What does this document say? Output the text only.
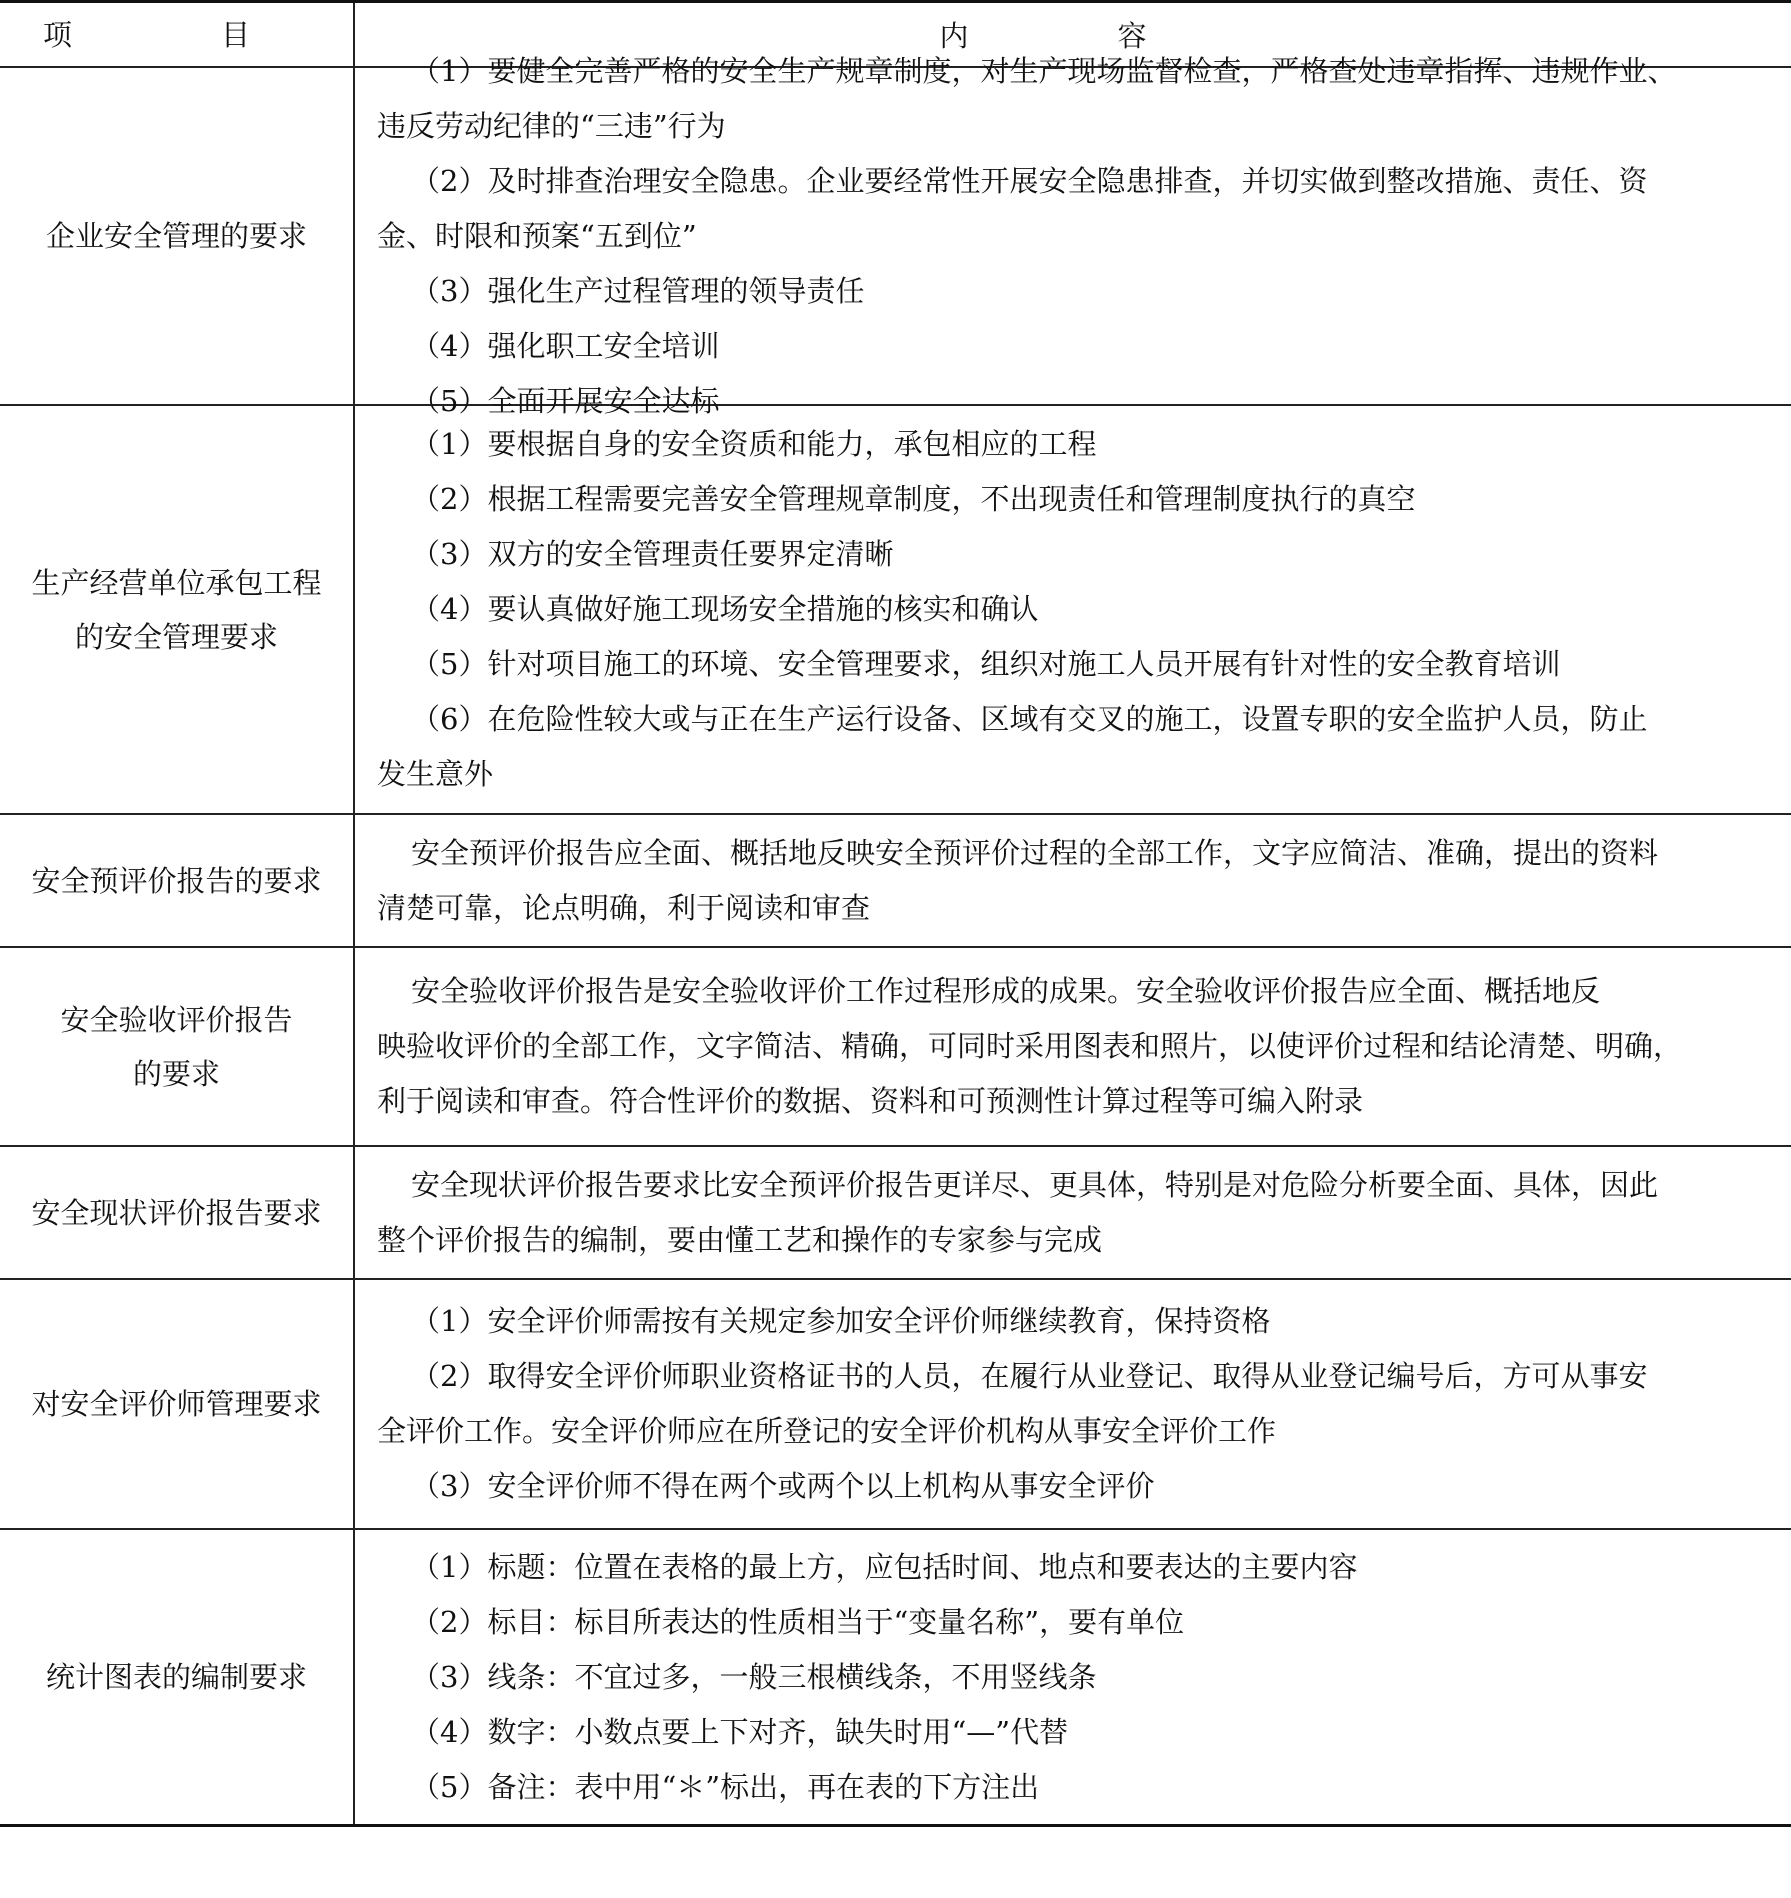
项　目	内　容
企业安全管理的要求
（1）要健全完善严格的安全生产规章制度，对生产现场监督检查，严格查处违章指挥、违规作业、
违反劳动纪律的“三违”行为
（2）及时排查治理安全隐患。企业要经常性开展安全隐患排查，并切实做到整改措施、责任、资
金、时限和预案“五到位”
（3）强化生产过程管理的领导责任
（4）强化职工安全培训
（5）全面开展安全达标
生产经营单位承包工程
的安全管理要求
（1）要根据自身的安全资质和能力，承包相应的工程
（2）根据工程需要完善安全管理规章制度，不出现责任和管理制度执行的真空
（3）双方的安全管理责任要界定清晰
（4）要认真做好施工现场安全措施的核实和确认
（5）针对项目施工的环境、安全管理要求，组织对施工人员开展有针对性的安全教育培训
（6）在危险性较大或与正在生产运行设备、区域有交叉的施工，设置专职的安全监护人员，防止
发生意外
安全预评价报告的要求
安全预评价报告应全面、概括地反映安全预评价过程的全部工作，文字应简洁、准确，提出的资料
清楚可靠，论点明确，利于阅读和审查
安全验收评价报告
的要求
安全验收评价报告是安全验收评价工作过程形成的成果。安全验收评价报告应全面、概括地反
映验收评价的全部工作，文字简洁、精确，可同时采用图表和照片，以使评价过程和结论清楚、明确，
利于阅读和审查。符合性评价的数据、资料和可预测性计算过程等可编入附录
安全现状评价报告要求
安全现状评价报告要求比安全预评价报告更详尽、更具体，特别是对危险分析要全面、具体，因此
整个评价报告的编制，要由懂工艺和操作的专家参与完成
对安全评价师管理要求
（1）安全评价师需按有关规定参加安全评价师继续教育，保持资格
（2）取得安全评价师职业资格证书的人员，在履行从业登记、取得从业登记编号后，方可从事安
全评价工作。安全评价师应在所登记的安全评价机构从事安全评价工作
（3）安全评价师不得在两个或两个以上机构从事安全评价
统计图表的编制要求
（1）标题：位置在表格的最上方，应包括时间、地点和要表达的主要内容
（2）标目：标目所表达的性质相当于“变量名称”，要有单位
（3）线条：不宜过多，一般三根横线条，不用竖线条
（4）数字：小数点要上下对齐，缺失时用“—”代替
（5）备注：表中用“＊”标出，再在表的下方注出
